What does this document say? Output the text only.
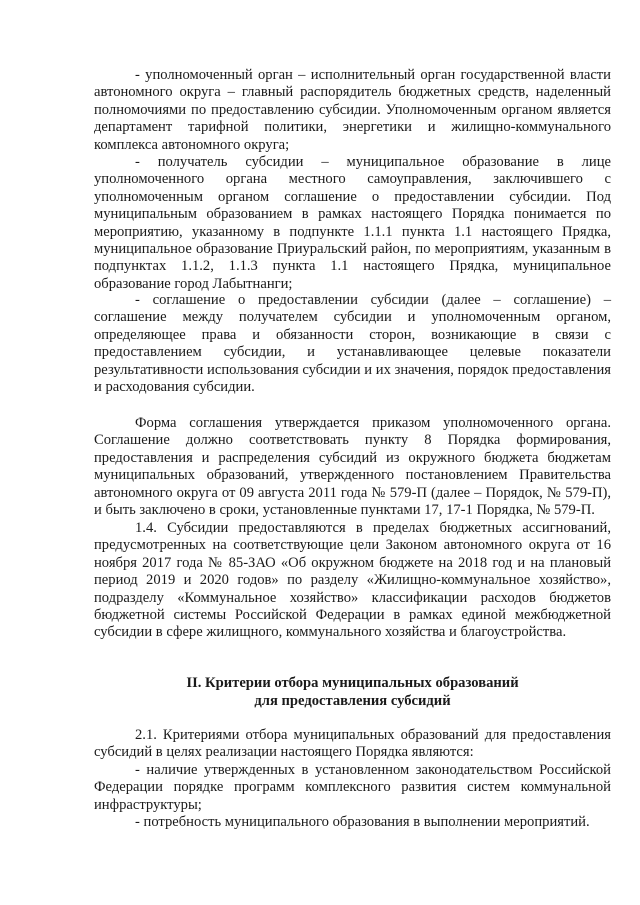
- уполномоченный орган – исполнительный орган государственной власти автономного округа – главный распорядитель бюджетных средств, наделенный полномочиями по предоставлению субсидии. Уполномоченным органом является департамент тарифной политики, энергетики и жилищно-коммунального комплекса автономного округа;

- получатель субсидии – муниципальное образование в лице уполномоченного органа местного самоуправления, заключившего с уполномоченным органом соглашение о предоставлении субсидии. Под муниципальным образованием в рамках настоящего Порядка понимается по мероприятию, указанному в подпункте 1.1.1 пункта 1.1 настоящего Прядка, муниципальное образование Приуральский район, по мероприятиям, указанным в подпунктах 1.1.2, 1.1.3 пункта 1.1 настоящего Прядка, муниципальное образование город Лабытнанги;

- соглашение о предоставлении субсидии (далее – соглашение) – соглашение между получателем субсидии и уполномоченным органом, определяющее права и обязанности сторон, возникающие в связи с предоставлением субсидии, и устанавливающее целевые показатели результативности использования субсидии и их значения, порядок предоставления и расходования субсидии.

Форма соглашения утверждается приказом уполномоченного органа. Соглашение должно соответствовать пункту 8 Порядка формирования, предоставления и распределения субсидий из окружного бюджета бюджетам муниципальных образований, утвержденного постановлением Правительства автономного округа от 09 августа 2011 года № 579-П (далее – Порядок, № 579-П), и быть заключено в сроки, установленные пунктами 17, 17-1 Порядка, № 579-П.

1.4. Субсидии предоставляются в пределах бюджетных ассигнований, предусмотренных на соответствующие цели Законом автономного округа от 16 ноября 2017 года № 85-ЗАО «Об окружном бюджете на 2018 год и на плановый период 2019 и 2020 годов» по разделу «Жилищно-коммунальное хозяйство», подразделу «Коммунальное хозяйство» классификации расходов бюджетов бюджетной системы Российской Федерации в рамках единой межбюджетной субсидии в сфере жилищного, коммунального хозяйства и благоустройства.

II. Критерии отбора муниципальных образований
для предоставления субсидий

2.1. Критериями отбора муниципальных образований для предоставления субсидий в целях реализации настоящего Порядка являются:

- наличие утвержденных в установленном законодательством Российской Федерации порядке программ комплексного развития систем коммунальной инфраструктуры;

- потребность муниципального образования в выполнении мероприятий.
